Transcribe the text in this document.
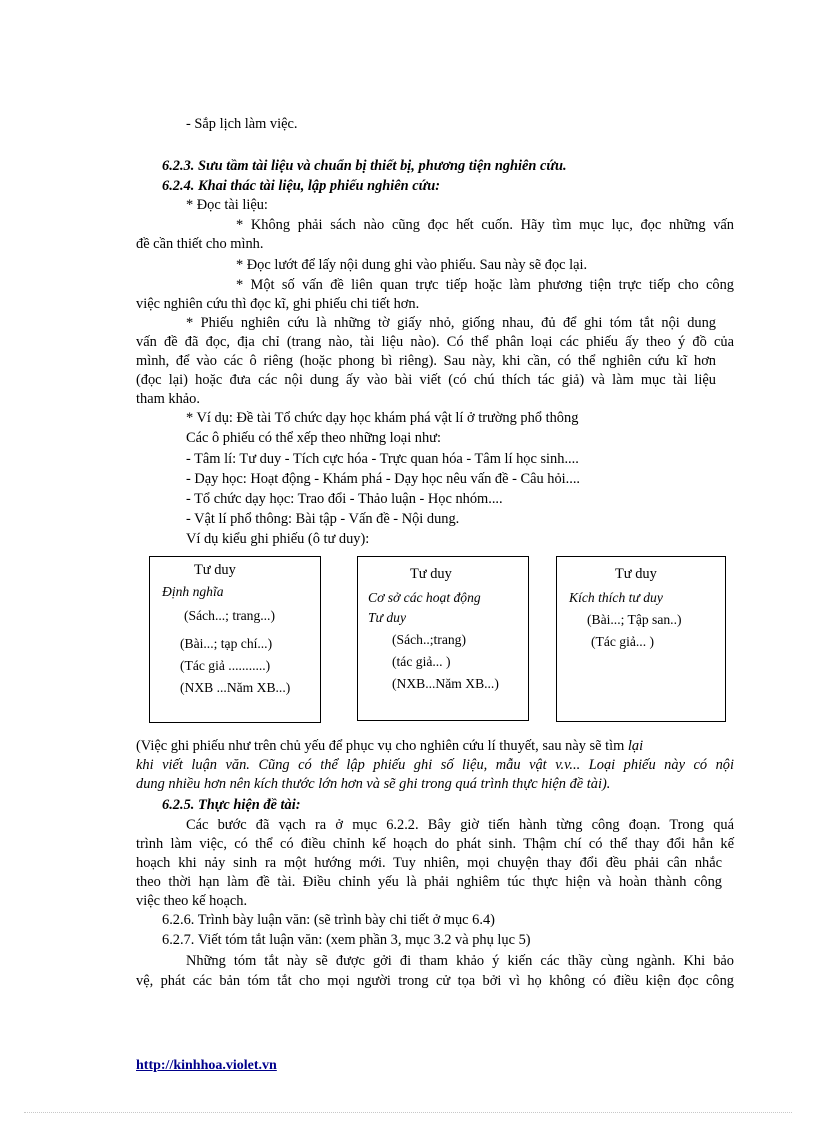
- Sắp lịch làm việc.
6.2.3. Sưu tầm tài liệu và chuẩn bị thiết bị, phương tiện nghiên cứu.
6.2.4. Khai thác tài liệu, lập phiếu nghiên cứu:
* Đọc tài liệu:
* Không phải sách nào cũng đọc hết cuốn. Hãy tìm mục lục, đọc những vấn
đề cần thiết cho mình.
* Đọc lướt để lấy nội dung ghi vào phiếu. Sau này sẽ đọc lại.
* Một số vấn đề liên quan trực tiếp hoặc làm phương tiện trực tiếp cho công
việc nghiên cứu thì đọc kĩ, ghi phiếu chi tiết hơn.
* Phiếu nghiên cứu là những tờ giấy nhỏ, giống nhau, đủ để ghi tóm tắt nội dung
vấn đề đã đọc, địa chỉ (trang nào, tài liệu nào). Có thể phân loại các phiếu ấy theo ý đồ của
mình, để vào các ô riêng (hoặc phong bì riêng). Sau này, khi cần, có thể nghiên cứu kĩ hơn
(đọc lại) hoặc đưa các nội dung ấy vào bài viết (có chú thích tác giả) và làm mục tài liệu
tham khảo.
* Ví dụ: Đề tài Tổ chức dạy học khám phá vật lí ở trường phổ thông
Các ô phiếu có thể xếp theo những loại như:
- Tâm lí: Tư duy - Tích cực hóa - Trực quan hóa - Tâm lí học sinh....
- Dạy học: Hoạt động - Khám phá - Dạy học nêu vấn đề - Câu hỏi....
- Tổ chức dạy học: Trao đổi - Thảo luận - Học nhóm....
- Vật lí phổ thông: Bài tập - Vấn đề - Nội dung.
Ví dụ kiểu ghi phiếu (ô tư duy):
Tư duy
Định nghĩa
(Sách...; trang...)
(Bài...; tạp chí...)
(Tác giả ...........)
(NXB ...Năm XB...)
Tư duy
Cơ sở các hoạt động
Tư duy
(Sách..;trang)
(tác giả... )
(NXB...Năm XB...)
Tư duy
Kích thích tư duy
(Bài...; Tập san..)
(Tác giả... )
(Việc ghi phiếu như trên chủ yếu để phục vụ cho nghiên cứu lí thuyết, sau này sẽ tìm lại
khi viết luận văn. Cũng có thể lập phiếu ghi số liệu, mẫu vật v.v... Loại phiếu này có nội
dung nhiều hơn nên kích thước lớn hơn và sẽ ghi trong quá trình thực hiện đề tài).
6.2.5. Thực hiện đề tài:
Các bước đã vạch ra ở mục 6.2.2. Bây giờ tiến hành từng công đoạn. Trong quá
trình làm việc, có thể có điều chỉnh kế hoạch do phát sinh. Thậm chí có thể thay đổi hẳn kế
hoạch khi nảy sinh ra một hướng mới. Tuy nhiên, mọi chuyện thay đổi đều phải cân nhắc
theo thời hạn làm đề tài. Điều chỉnh yếu là phải nghiêm túc thực hiện và hoàn thành công
việc theo kế hoạch.
6.2.6. Trình bày luận văn: (sẽ trình bày chi tiết ở mục 6.4)
6.2.7. Viết tóm tắt luận văn: (xem phần 3, mục 3.2 và phụ lục 5)
Những tóm tắt này sẽ được gởi đi tham khảo ý kiến các thầy cùng ngành. Khi bảo
vệ, phát các bản tóm tắt cho mọi người trong cử tọa bởi vì họ không có điều kiện đọc công
http://kinhhoa.violet.vn
